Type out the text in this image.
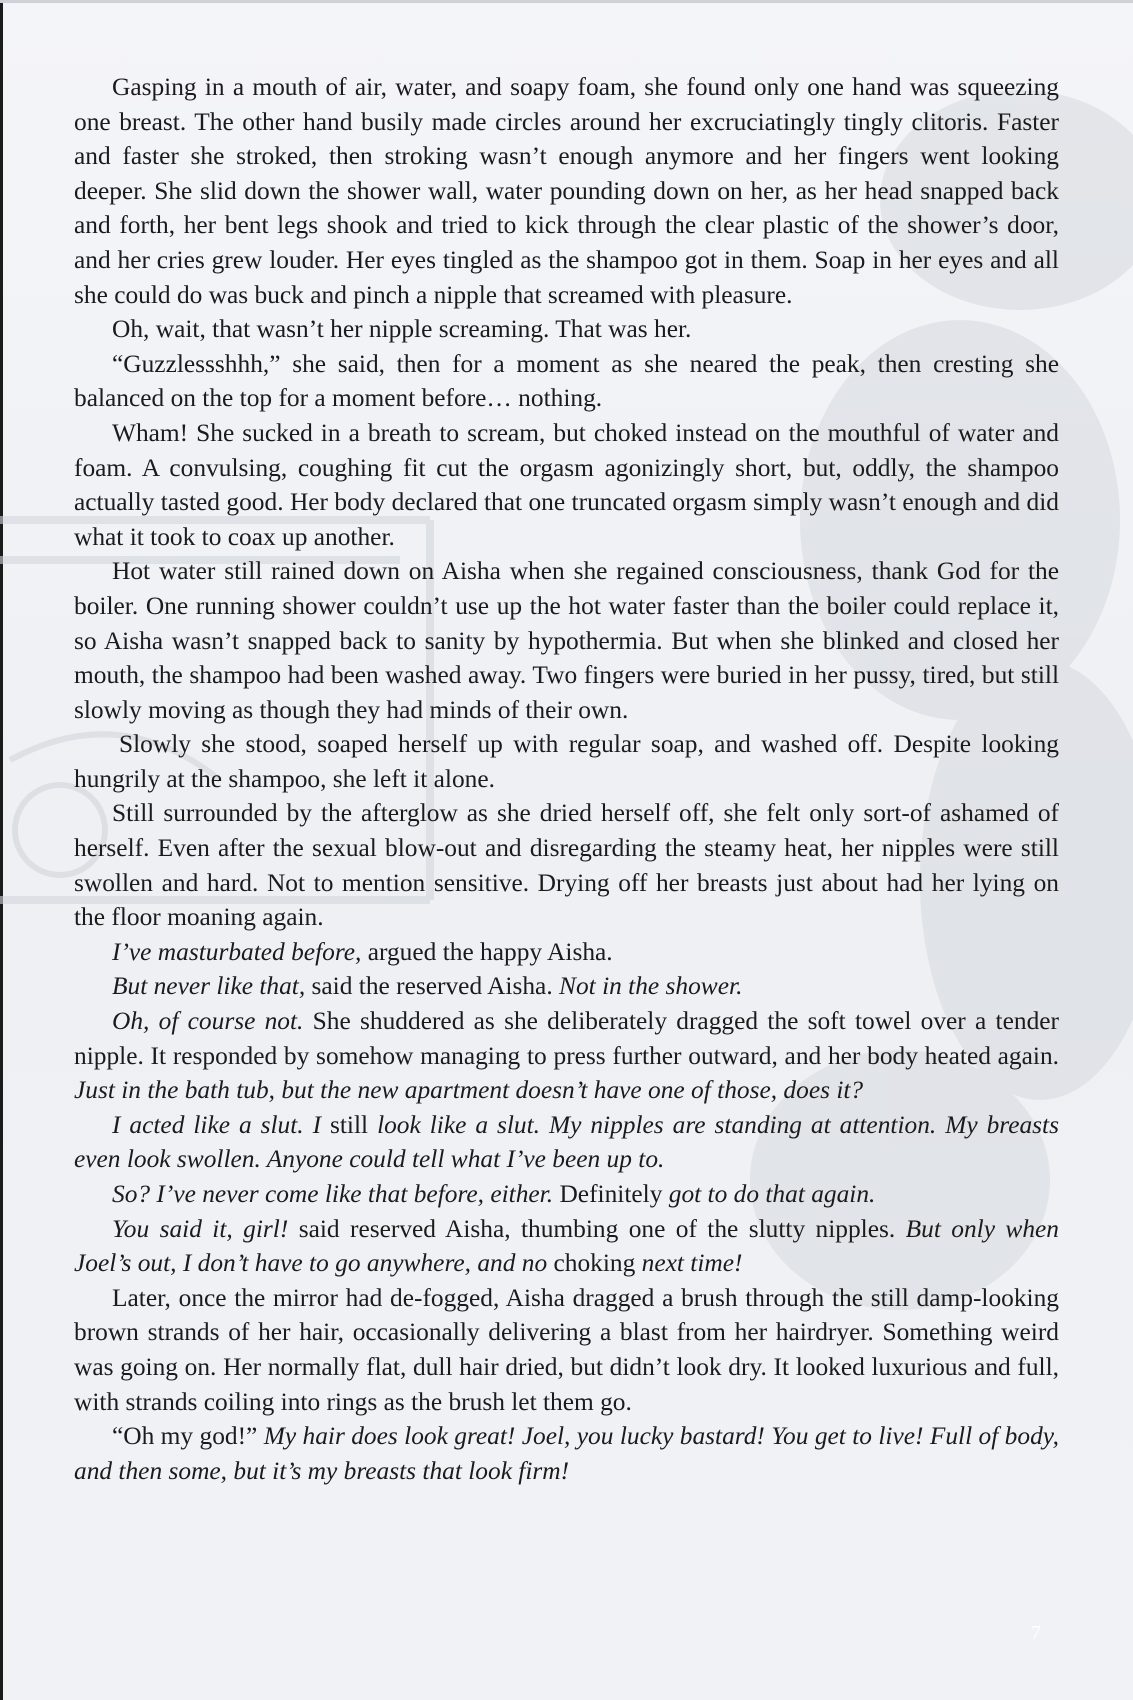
Gasping in a mouth of air, water, and soapy foam, she found only one hand was squeezing one breast. The other hand busily made circles around her excruciatingly tingly clitoris. Faster and faster she stroked, then stroking wasn’t enough anymore and her fingers went looking deeper. She slid down the shower wall, water pounding down on her, as her head snapped back and forth, her bent legs shook and tried to kick through the clear plastic of the shower’s door, and her cries grew louder. Her eyes tingled as the shampoo got in them. Soap in her eyes and all she could do was buck and pinch a nipple that screamed with pleasure.

Oh, wait, that wasn’t her nipple screaming. That was her.

“Guzzlessshhh,” she said, then for a moment as she neared the peak, then cresting she balanced on the top for a moment before… nothing.

Wham! She sucked in a breath to scream, but choked instead on the mouthful of water and foam. A convulsing, coughing fit cut the orgasm agonizingly short, but, oddly, the shampoo actually tasted good. Her body declared that one truncated orgasm simply wasn’t enough and did what it took to coax up another.

Hot water still rained down on Aisha when she regained consciousness, thank God for the boiler. One running shower couldn’t use up the hot water faster than the boiler could replace it, so Aisha wasn’t snapped back to sanity by hypothermia. But when she blinked and closed her mouth, the shampoo had been washed away. Two fingers were buried in her pussy, tired, but still slowly moving as though they had minds of their own.

Slowly she stood, soaped herself up with regular soap, and washed off. Despite looking hungrily at the shampoo, she left it alone.

Still surrounded by the afterglow as she dried herself off, she felt only sort-of ashamed of herself. Even after the sexual blow-out and disregarding the steamy heat, her nipples were still swollen and hard. Not to mention sensitive. Drying off her breasts just about had her lying on the floor moaning again.

I’ve masturbated before, argued the happy Aisha.

But never like that, said the reserved Aisha. Not in the shower.

Oh, of course not. She shuddered as she deliberately dragged the soft towel over a tender nipple. It responded by somehow managing to press further outward, and her body heated again. Just in the bath tub, but the new apartment doesn’t have one of those, does it?

I acted like a slut. I still look like a slut. My nipples are standing at attention. My breasts even look swollen. Anyone could tell what I’ve been up to.

So? I’ve never come like that before, either. Definitely got to do that again.

You said it, girl! said reserved Aisha, thumbing one of the slutty nipples. But only when Joel’s out, I don’t have to go anywhere, and no choking next time!

Later, once the mirror had de-fogged, Aisha dragged a brush through the still damp-looking brown strands of her hair, occasionally delivering a blast from her hairdryer. Something weird was going on. Her normally flat, dull hair dried, but didn’t look dry. It looked luxurious and full, with strands coiling into rings as the brush let them go.

“Oh my god!” My hair does look great! Joel, you lucky bastard! You get to live! Full of body, and then some, but it’s my breasts that look firm!

7
